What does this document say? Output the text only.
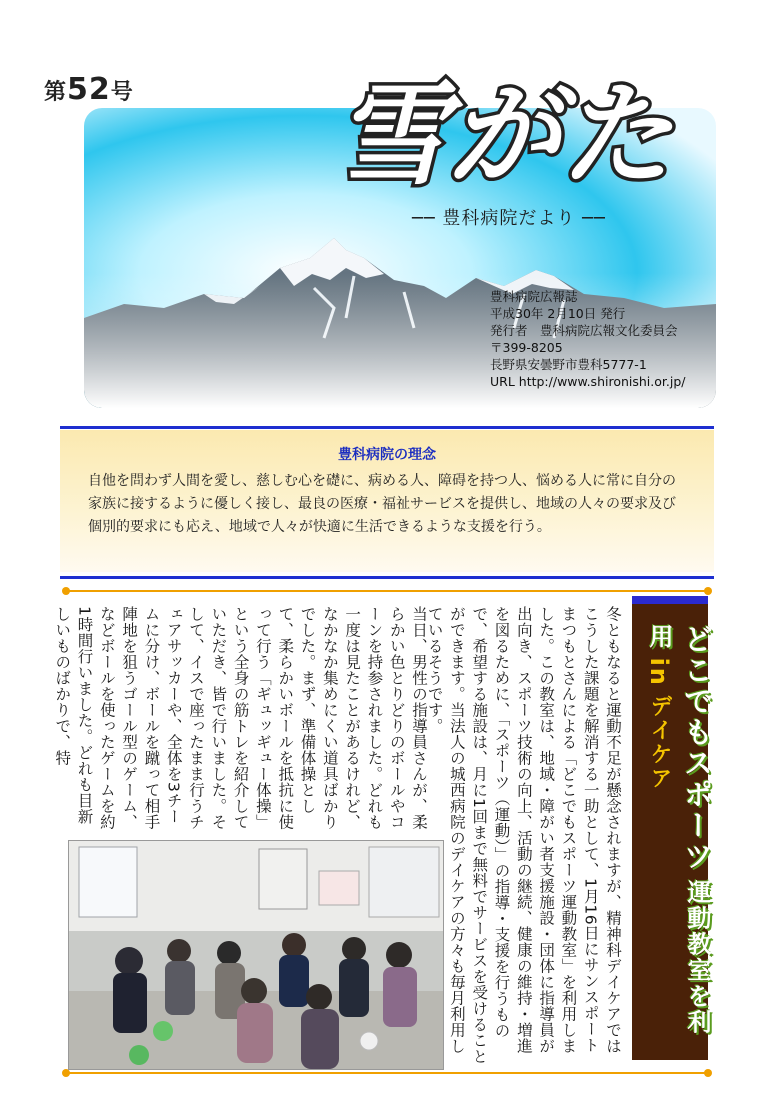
第52号 雪がた
── 豊科病院だより ──
豊科病院広報誌
平成30年 2月10日 発行
発行者　豊科病院広報文化委員会
〒399-8205
長野県安曇野市豊科5777-1
URL http://www.shironishi.or.jp/
豊科病院の理念
自他を問わず人間を愛し、慈しむ心を礎に、病める人、障碍を持つ人、悩める人に常に自分の家族に接するように優しく接し、最良の医療・福祉サービスを提供し、地域の人々の要求及び個別的要求にも応え、地域で人々が快適に生活できるような支援を行う。
どこでもスポーツ 運動教室を利用 in デイケア
冬ともなると運動不足が懸念されますが、精神科デイケアではこうした課題を解消する一助として、1月16日にサンスポートまつもとさんによる「どこでもスポーツ運動教室」を利用しました。この教室は、地域・障がい者支援施設・団体に指導員が出向き、スポーツ技術の向上、活動の継続、健康の維持・増進を図るために、「スポーツ（運動）」の指導・支援を行うもので、希望する施設は、月に1回まで無料でサービスを受けることができます。当法人の城西病院のデイケアの方々も毎月利用しているそうです。
当日、男性の指導員さんが、柔らかい色とりどりのボールやコーンを持参されました。どれも一度は見たことがあるけれど、なかなか集めにくい道具ばかりでした。まず、準備体操として、柔らかいボールを抵抗に使って行う「ギュッギュー体操」という全身の筋トレを紹介していただき、皆で行いました。そして、イスで座ったまま行うチェアサッカーや、全体を3チームに分け、ボールを蹴って相手陣地を狙うゴール型のゲーム、などボールを使ったゲームを約1時間行いました。どれも目新しいものばかりで、特
